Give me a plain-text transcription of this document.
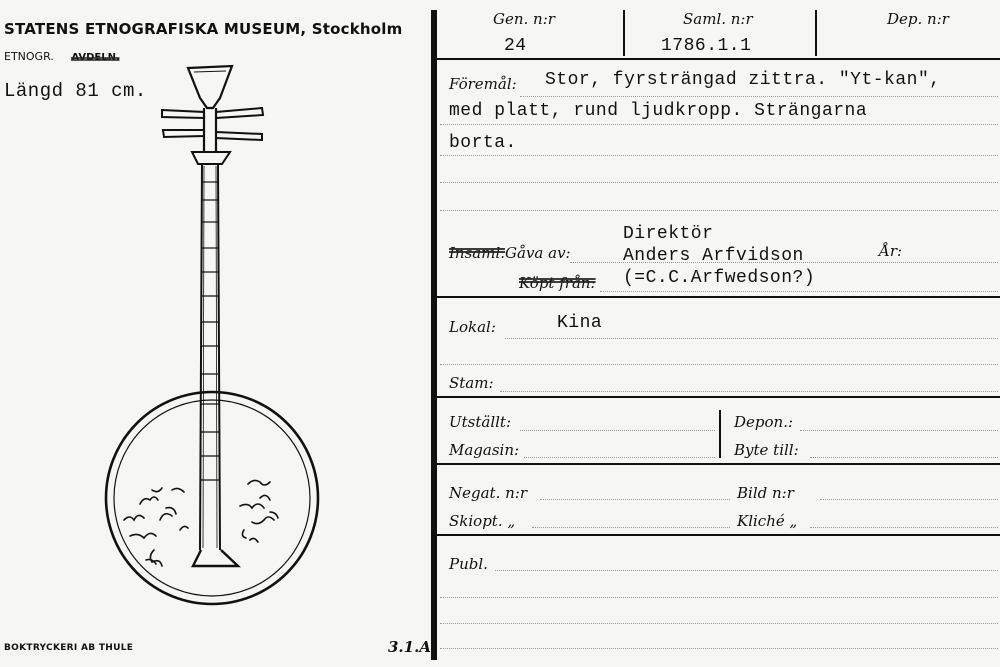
STATENS ETNOGRAFISKA MUSEUM, Stockholm
ETNOGR. AVDELN.
Längd 81 cm.
Gen. n:r
24
Saml. n:r
1786.1.1
Dep. n:r
Föremål: Stor, fyrsträngad zittra. "Yt-kan",
med platt, rund ljudkropp. Strängarna
borta.
Insaml.
Gåva av:
Köpt från:
Direktör
Anders Arfvidson
(=C.C.Arfwedson?)
År:
Lokal:	Kina
Stam:
Utställt:
Magasin:
Depon.:
Byte till:
Negat. n:r
Skiopt. „
Bild n:r
Kliché „
Publ.
BOKTRYCKERI AB THULE	3.1.A.
